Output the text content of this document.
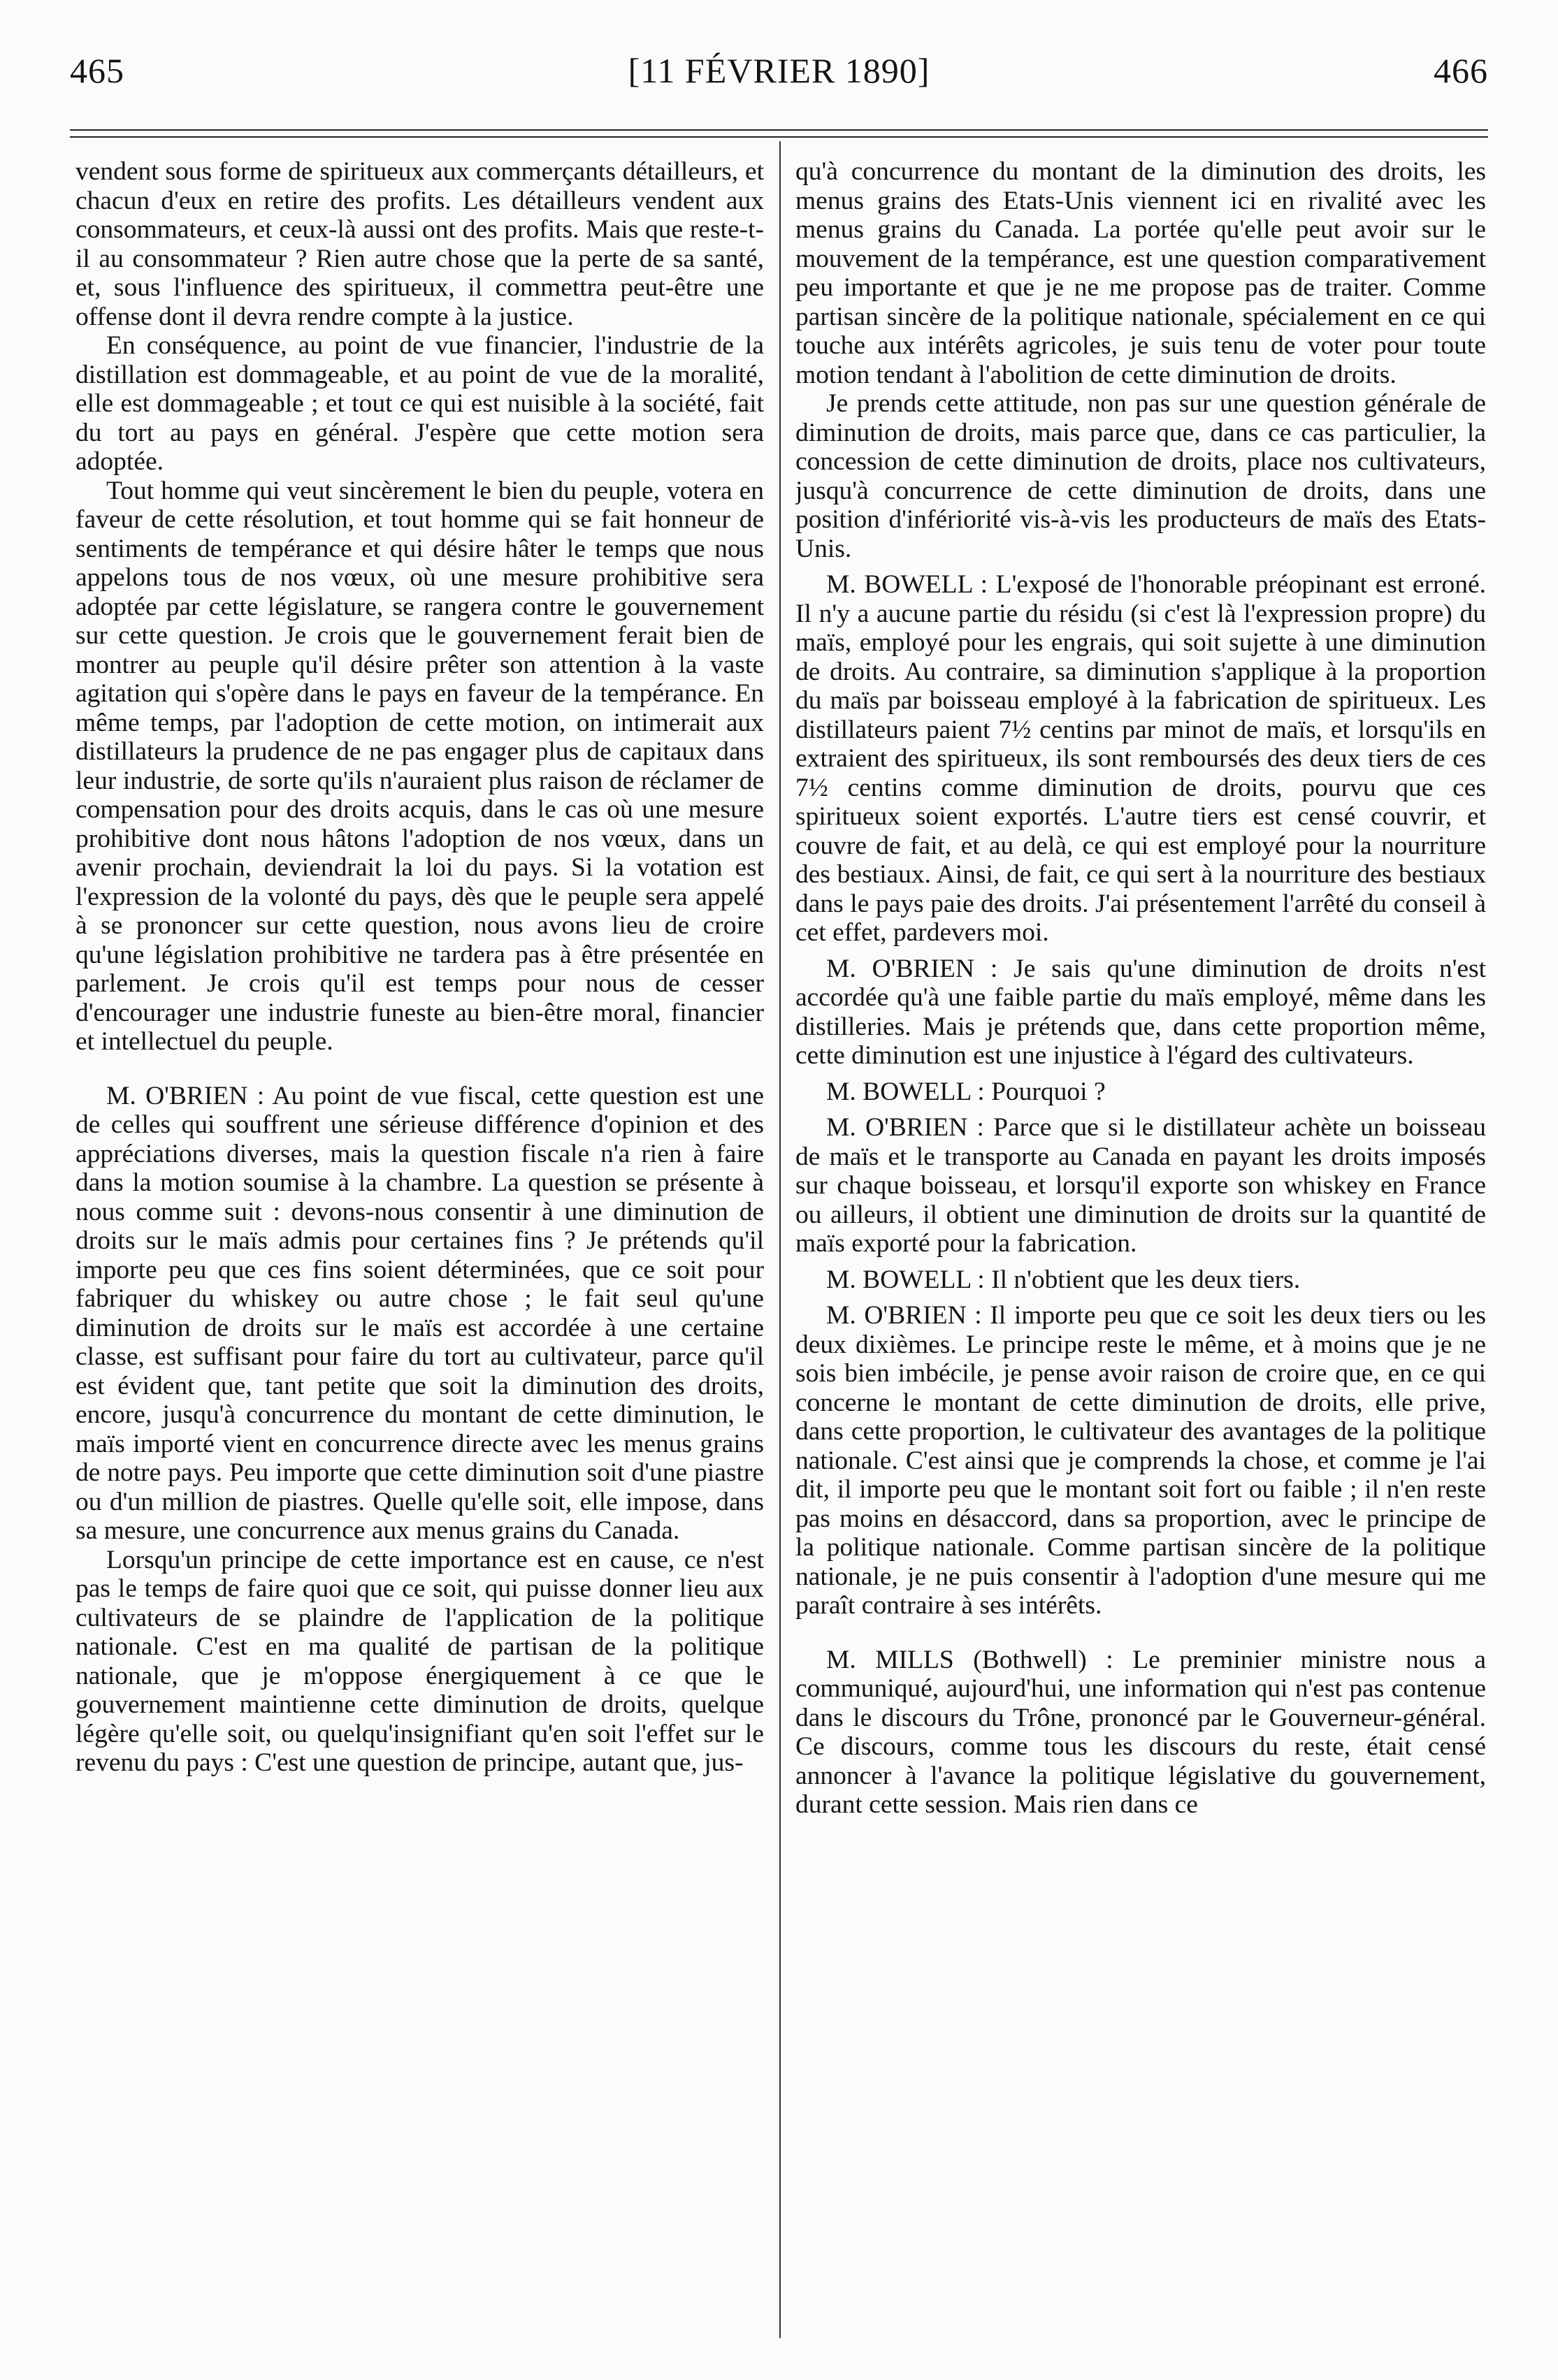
465	[11 FÉVRIER 1890]	466

vendent sous forme de spiritueux aux commerçants détailleurs, et chacun d'eux en retire des profits. Les détailleurs vendent aux consommateurs, et ceux-là aussi ont des profits. Mais que reste-t-il au consommateur ? Rien autre chose que la perte de sa santé, et, sous l'influence des spiritueux, il commettra peut-être une offense dont il devra rendre compte à la justice.

En conséquence, au point de vue financier, l'industrie de la distillation est dommageable, et au point de vue de la moralité, elle est dommageable ; et tout ce qui est nuisible à la société, fait du tort au pays en général. J'espère que cette motion sera adoptée.

Tout homme qui veut sincèrement le bien du peuple, votera en faveur de cette résolution, et tout homme qui se fait honneur de sentiments de tempérance et qui désire hâter le temps que nous appelons tous de nos vœux, où une mesure prohibitive sera adoptée par cette législature, se rangera contre le gouvernement sur cette question. Je crois que le gouvernement ferait bien de montrer au peuple qu'il désire prêter son attention à la vaste agitation qui s'opère dans le pays en faveur de la tempérance. En même temps, par l'adoption de cette motion, on intimerait aux distillateurs la prudence de ne pas engager plus de capitaux dans leur industrie, de sorte qu'ils n'auraient plus raison de réclamer de compensation pour des droits acquis, dans le cas où une mesure prohibitive dont nous hâtons l'adoption de nos vœux, dans un avenir prochain, deviendrait la loi du pays. Si la votation est l'expression de la volonté du pays, dès que le peuple sera appelé à se prononcer sur cette question, nous avons lieu de croire qu'une législation prohibitive ne tardera pas à être présentée en parlement. Je crois qu'il est temps pour nous de cesser d'encourager une industrie funeste au bien-être moral, financier et intellectuel du peuple.

M. O'BRIEN : Au point de vue fiscal, cette question est une de celles qui souffrent une sérieuse différence d'opinion et des appréciations diverses, mais la question fiscale n'a rien à faire dans la motion soumise à la chambre. La question se présente à nous comme suit : devons-nous consentir à une diminution de droits sur le maïs admis pour certaines fins ? Je prétends qu'il importe peu que ces fins soient déterminées, que ce soit pour fabriquer du whiskey ou autre chose ; le fait seul qu'une diminution de droits sur le maïs est accordée à une certaine classe, est suffisant pour faire du tort au cultivateur, parce qu'il est évident que, tant petite que soit la diminution des droits, encore, jusqu'à concurrence du montant de cette diminution, le maïs importé vient en concurrence directe avec les menus grains de notre pays. Peu importe que cette diminution soit d'une piastre ou d'un million de piastres. Quelle qu'elle soit, elle impose, dans sa mesure, une concurrence aux menus grains du Canada.

Lorsqu'un principe de cette importance est en cause, ce n'est pas le temps de faire quoi que ce soit, qui puisse donner lieu aux cultivateurs de se plaindre de l'application de la politique nationale. C'est en ma qualité de partisan de la politique nationale, que je m'oppose énergiquement à ce que le gouvernement maintienne cette diminution de droits, quelque légère qu'elle soit, ou quelqu'insignifiant qu'en soit l'effet sur le revenu du pays : C'est une question de principe, autant que, jus-

qu'à concurrence du montant de la diminution des droits, les menus grains des Etats-Unis viennent ici en rivalité avec les menus grains du Canada. La portée qu'elle peut avoir sur le mouvement de la tempérance, est une question comparativement peu importante et que je ne me propose pas de traiter. Comme partisan sincère de la politique nationale, spécialement en ce qui touche aux intérêts agricoles, je suis tenu de voter pour toute motion tendant à l'abolition de cette diminution de droits.

Je prends cette attitude, non pas sur une question générale de diminution de droits, mais parce que, dans ce cas particulier, la concession de cette diminution de droits, place nos cultivateurs, jusqu'à concurrence de cette diminution de droits, dans une position d'infériorité vis-à-vis les producteurs de maïs des Etats-Unis.

M. BOWELL : L'exposé de l'honorable préopinant est erroné. Il n'y a aucune partie du résidu (si c'est là l'expression propre) du maïs, employé pour les engrais, qui soit sujette à une diminution de droits. Au contraire, sa diminution s'applique à la proportion du maïs par boisseau employé à la fabrication de spiritueux. Les distillateurs paient 7½ centins par minot de maïs, et lorsqu'ils en extraient des spiritueux, ils sont remboursés des deux tiers de ces 7½ centins comme diminution de droits, pourvu que ces spiritueux soient exportés. L'autre tiers est censé couvrir, et couvre de fait, et au delà, ce qui est employé pour la nourriture des bestiaux. Ainsi, de fait, ce qui sert à la nourriture des bestiaux dans le pays paie des droits. J'ai présentement l'arrêté du conseil à cet effet, pardevers moi.

M. O'BRIEN : Je sais qu'une diminution de droits n'est accordée qu'à une faible partie du maïs employé, même dans les distilleries. Mais je prétends que, dans cette proportion même, cette diminution est une injustice à l'égard des cultivateurs.

M. BOWELL : Pourquoi ?

M. O'BRIEN : Parce que si le distillateur achète un boisseau de maïs et le transporte au Canada en payant les droits imposés sur chaque boisseau, et lorsqu'il exporte son whiskey en France ou ailleurs, il obtient une diminution de droits sur la quantité de maïs exporté pour la fabrication.

M. BOWELL : Il n'obtient que les deux tiers.

M. O'BRIEN : Il importe peu que ce soit les deux tiers ou les deux dixièmes. Le principe reste le même, et à moins que je ne sois bien imbécile, je pense avoir raison de croire que, en ce qui concerne le montant de cette diminution de droits, elle prive, dans cette proportion, le cultivateur des avantages de la politique nationale. C'est ainsi que je comprends la chose, et comme je l'ai dit, il importe peu que le montant soit fort ou faible ; il n'en reste pas moins en désaccord, dans sa proportion, avec le principe de la politique nationale. Comme partisan sincère de la politique nationale, je ne puis consentir à l'adoption d'une mesure qui me paraît contraire à ses intérêts.

M. MILLS (Bothwell) : Le preminier ministre nous a communiqué, aujourd'hui, une information qui n'est pas contenue dans le discours du Trône, prononcé par le Gouverneur-général. Ce discours, comme tous les discours du reste, était censé annoncer à l'avance la politique législative du gouvernement, durant cette session. Mais rien dans ce
